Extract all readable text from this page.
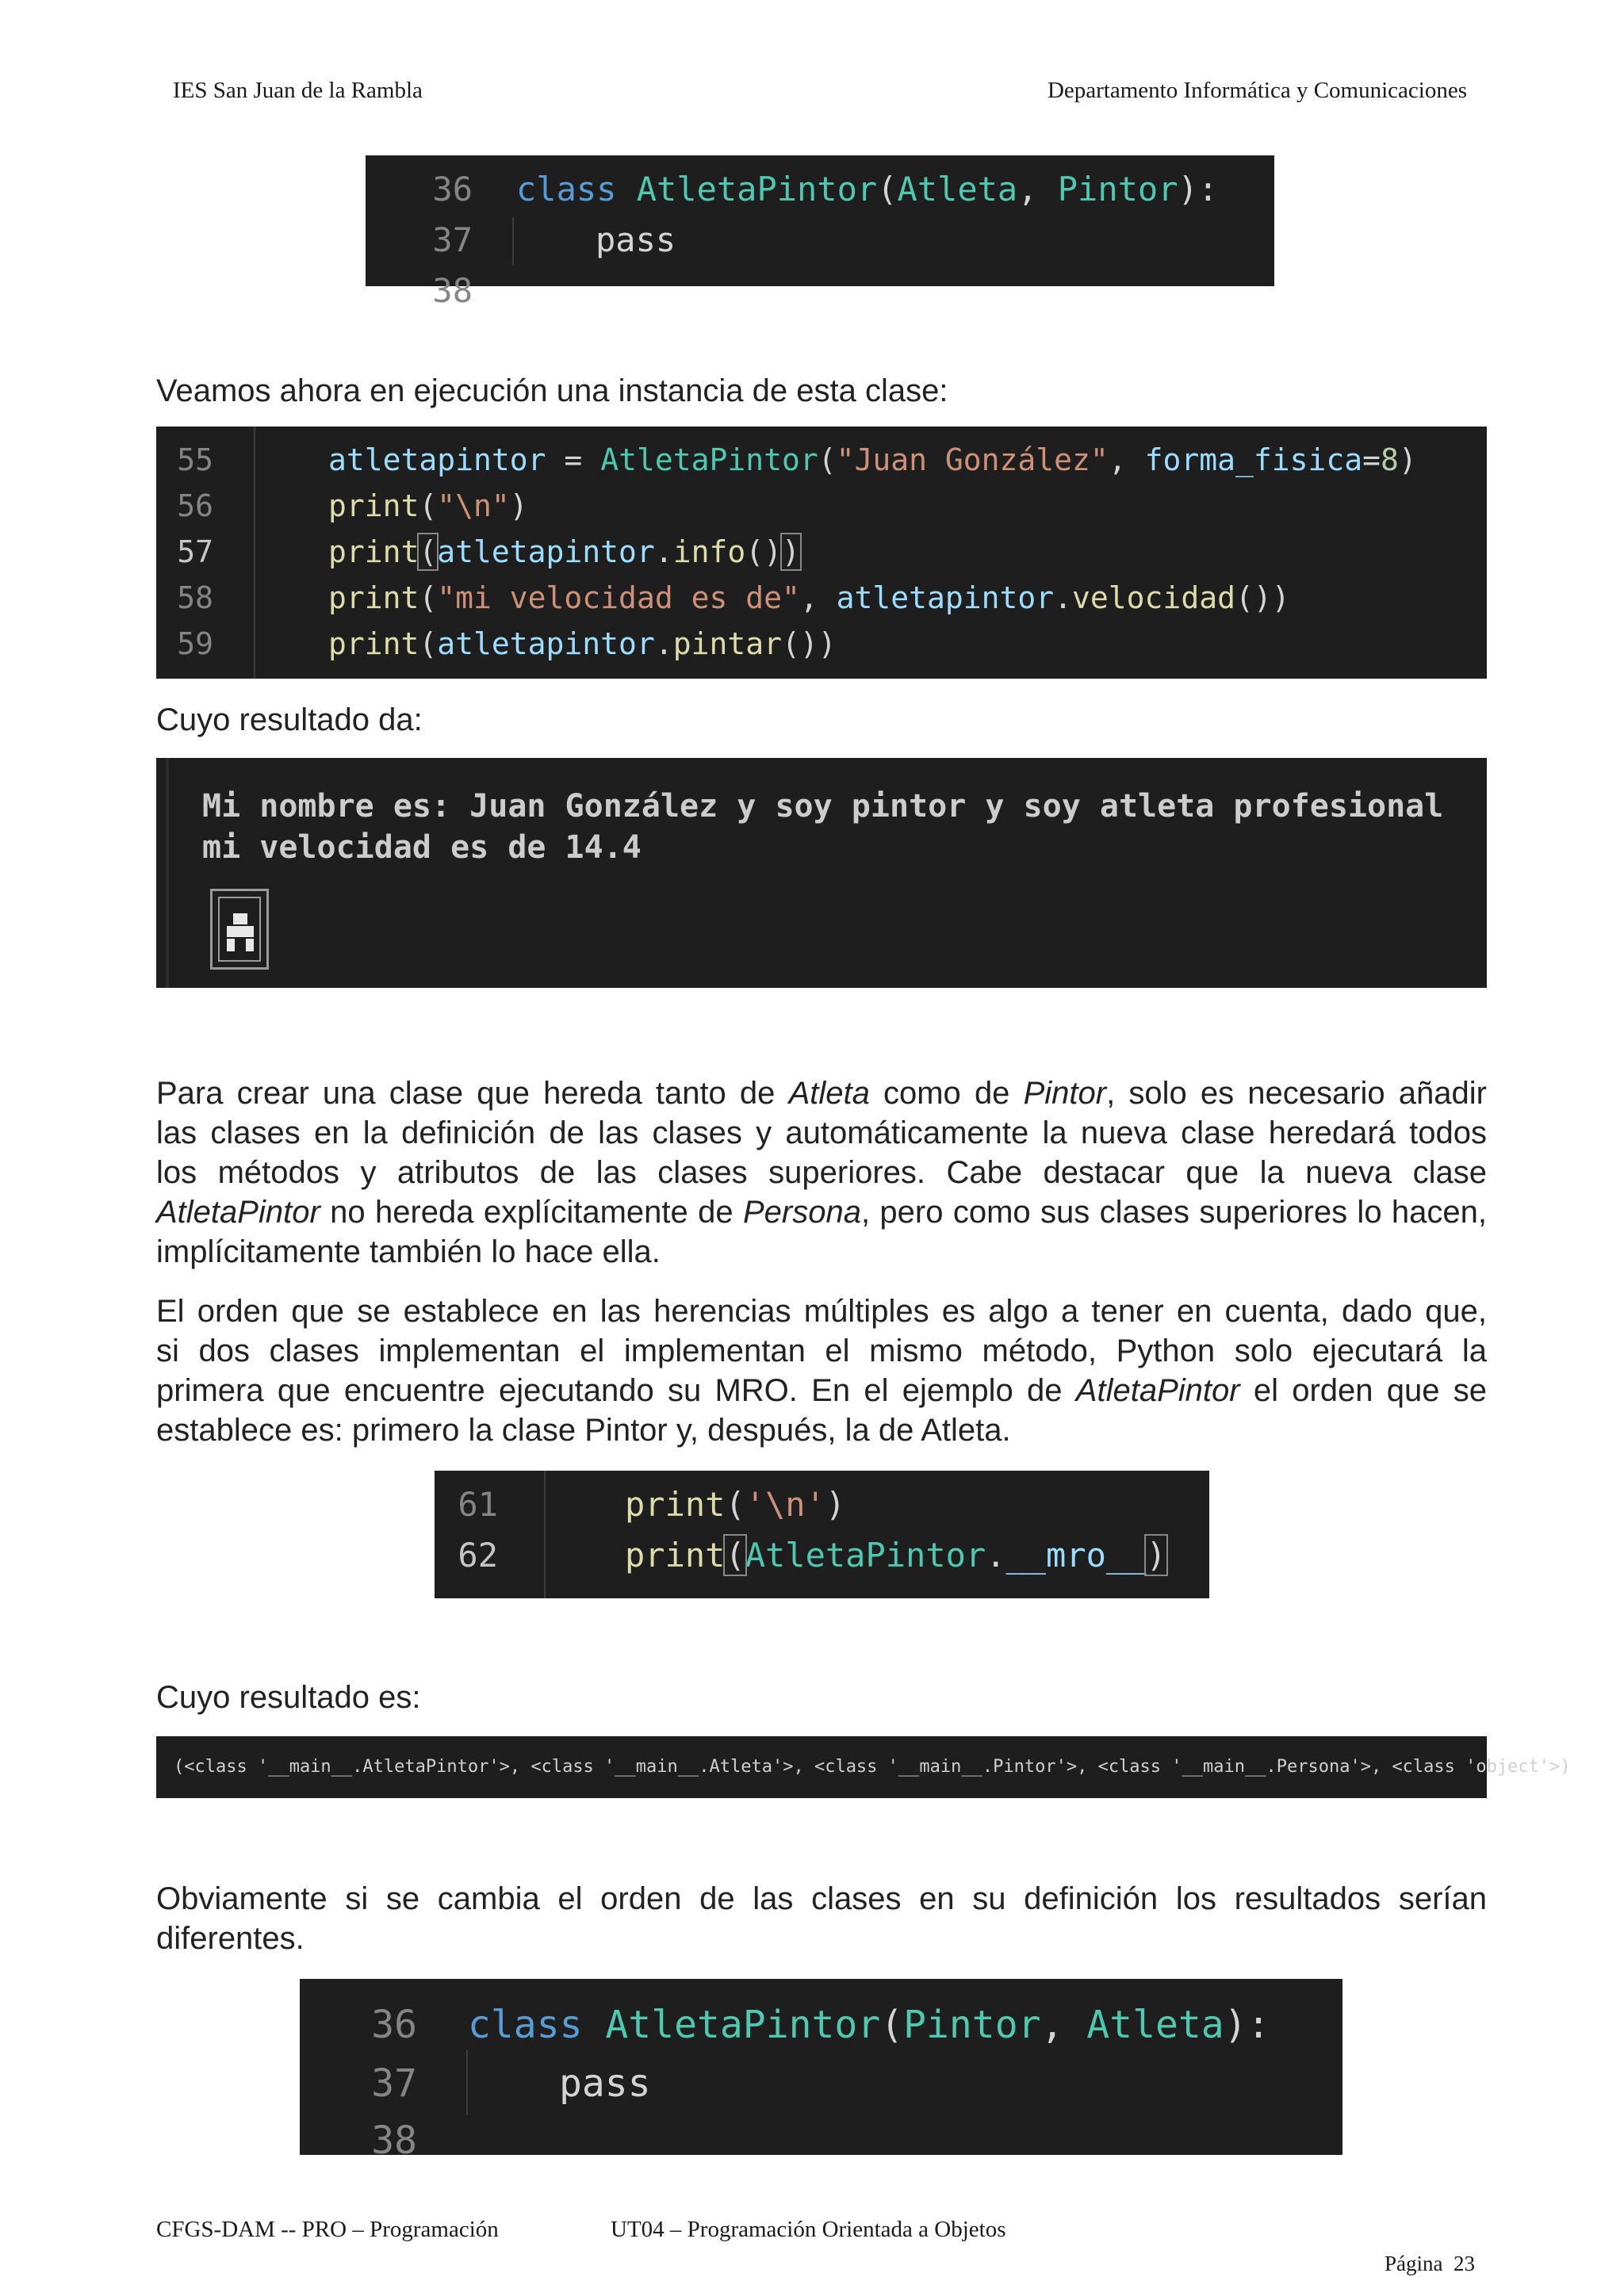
IES San Juan de la Rambla	Departamento Informática y Comunicaciones
36 class AtletaPintor(Atleta, Pintor):
37	pass
38
Veamos ahora en ejecución una instancia de esta clase:
55	atletapintor = AtletaPintor("Juan González", forma_fisica=8)
56	print("\n")
57	print(atletapintor.info())
58	print("mi velocidad es de", atletapintor.velocidad())
59	print(atletapintor.pintar())
Cuyo resultado da:
Mi nombre es: Juan González y soy pintor y soy atleta profesional
mi velocidad es de 14.4
Para crear una clase que hereda tanto de Atleta como de Pintor, solo es necesario añadir
las clases en la definición de las clases y automáticamente la nueva clase heredará todos
los métodos y atributos de las clases superiores. Cabe destacar que la nueva clase
AtletaPintor no hereda explícitamente de Persona, pero como sus clases superiores lo hacen,
implícitamente también lo hace ella.
El orden que se establece en las herencias múltiples es algo a tener en cuenta, dado que,
si dos clases implementan el implementan el mismo método, Python solo ejecutará la
primera que encuentre ejecutando su MRO. En el ejemplo de AtletaPintor el orden que se
establece es: primero la clase Pintor y, después, la de Atleta.
61	print('\n')
62	print(AtletaPintor.__mro__)
Cuyo resultado es:
(<class '__main__.AtletaPintor'>, <class '__main__.Atleta'>, <class '__main__.Pintor'>, <class '__main__.Persona'>, <class 'object'>)
Obviamente si se cambia el orden de las clases en su definición los resultados serían
diferentes.
36 class AtletaPintor(Pintor, Atleta):
37	pass
38
CFGS-DAM -- PRO – Programación	UT04 – Programación Orientada a Objetos
Página  23
